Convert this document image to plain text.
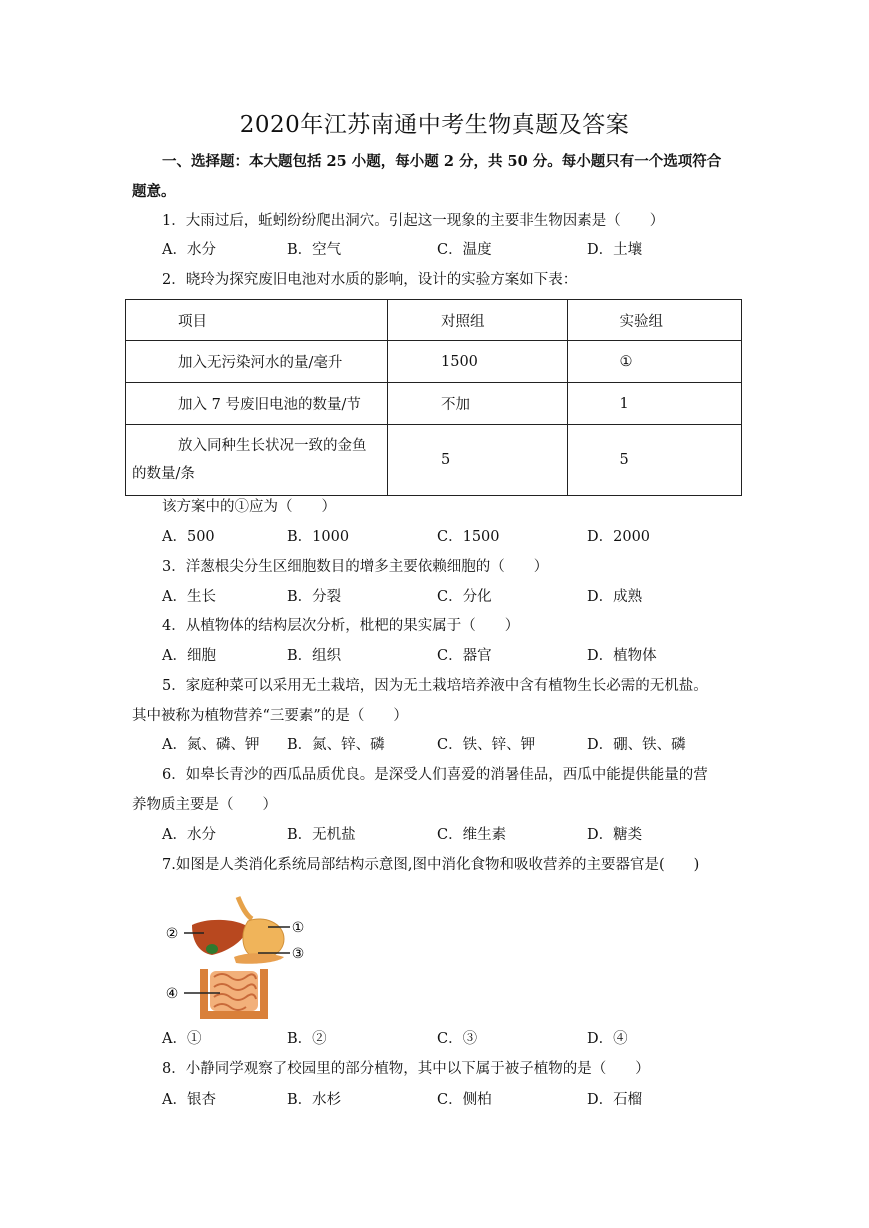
2020年江苏南通中考生物真题及答案
一、选择题：本大题包括 25 小题，每小题 2 分，共 50 分。每小题只有一个选项符合
题意。
1．大雨过后，蚯蚓纷纷爬出洞穴。引起这一现象的主要非生物因素是（　　）
A．水分	B．空气	C．温度	D．土壤
2．晓玲为探究废旧电池对水质的影响，设计的实验方案如下表：
项目	对照组	实验组

加入无污染河水的量/毫升	1500	①

加入 7 号废旧电池的数量/节	不加	1

放入同种生长状况一致的金鱼
的数量/条	5	5
该方案中的①应为（　　）
A．500	B．1000	C．1500	D．2000
3．洋葱根尖分生区细胞数目的增多主要依赖细胞的（　　）
A．生长	B．分裂	C．分化	D．成熟
4．从植物体的结构层次分析，枇杷的果实属于（　　）
A．细胞	B．组织	C．器官	D．植物体
5．家庭种菜可以采用无土栽培，因为无土栽培培养液中含有植物生长必需的无机盐。
其中被称为植物营养“三要素”的是（　　）
A．氮、磷、钾 B．氮、锌、磷	C．铁、锌、钾	D．硼、铁、磷
6．如皋长青沙的西瓜品质优良。是深受人们喜爱的消暑佳品，西瓜中能提供能量的营
养物质主要是（　　）
A．水分	B．无机盐	C．维生素	D．糖类
7.如图是人类消化系统局部结构示意图,图中消化食物和吸收营养的主要器官是(　　)
①
②
③
④
A．①	B．②	C．③	D．④
8．小静同学观察了校园里的部分植物，其中以下属于被子植物的是（　　）
A．银杏	B．水杉	C．侧柏	D．石榴
